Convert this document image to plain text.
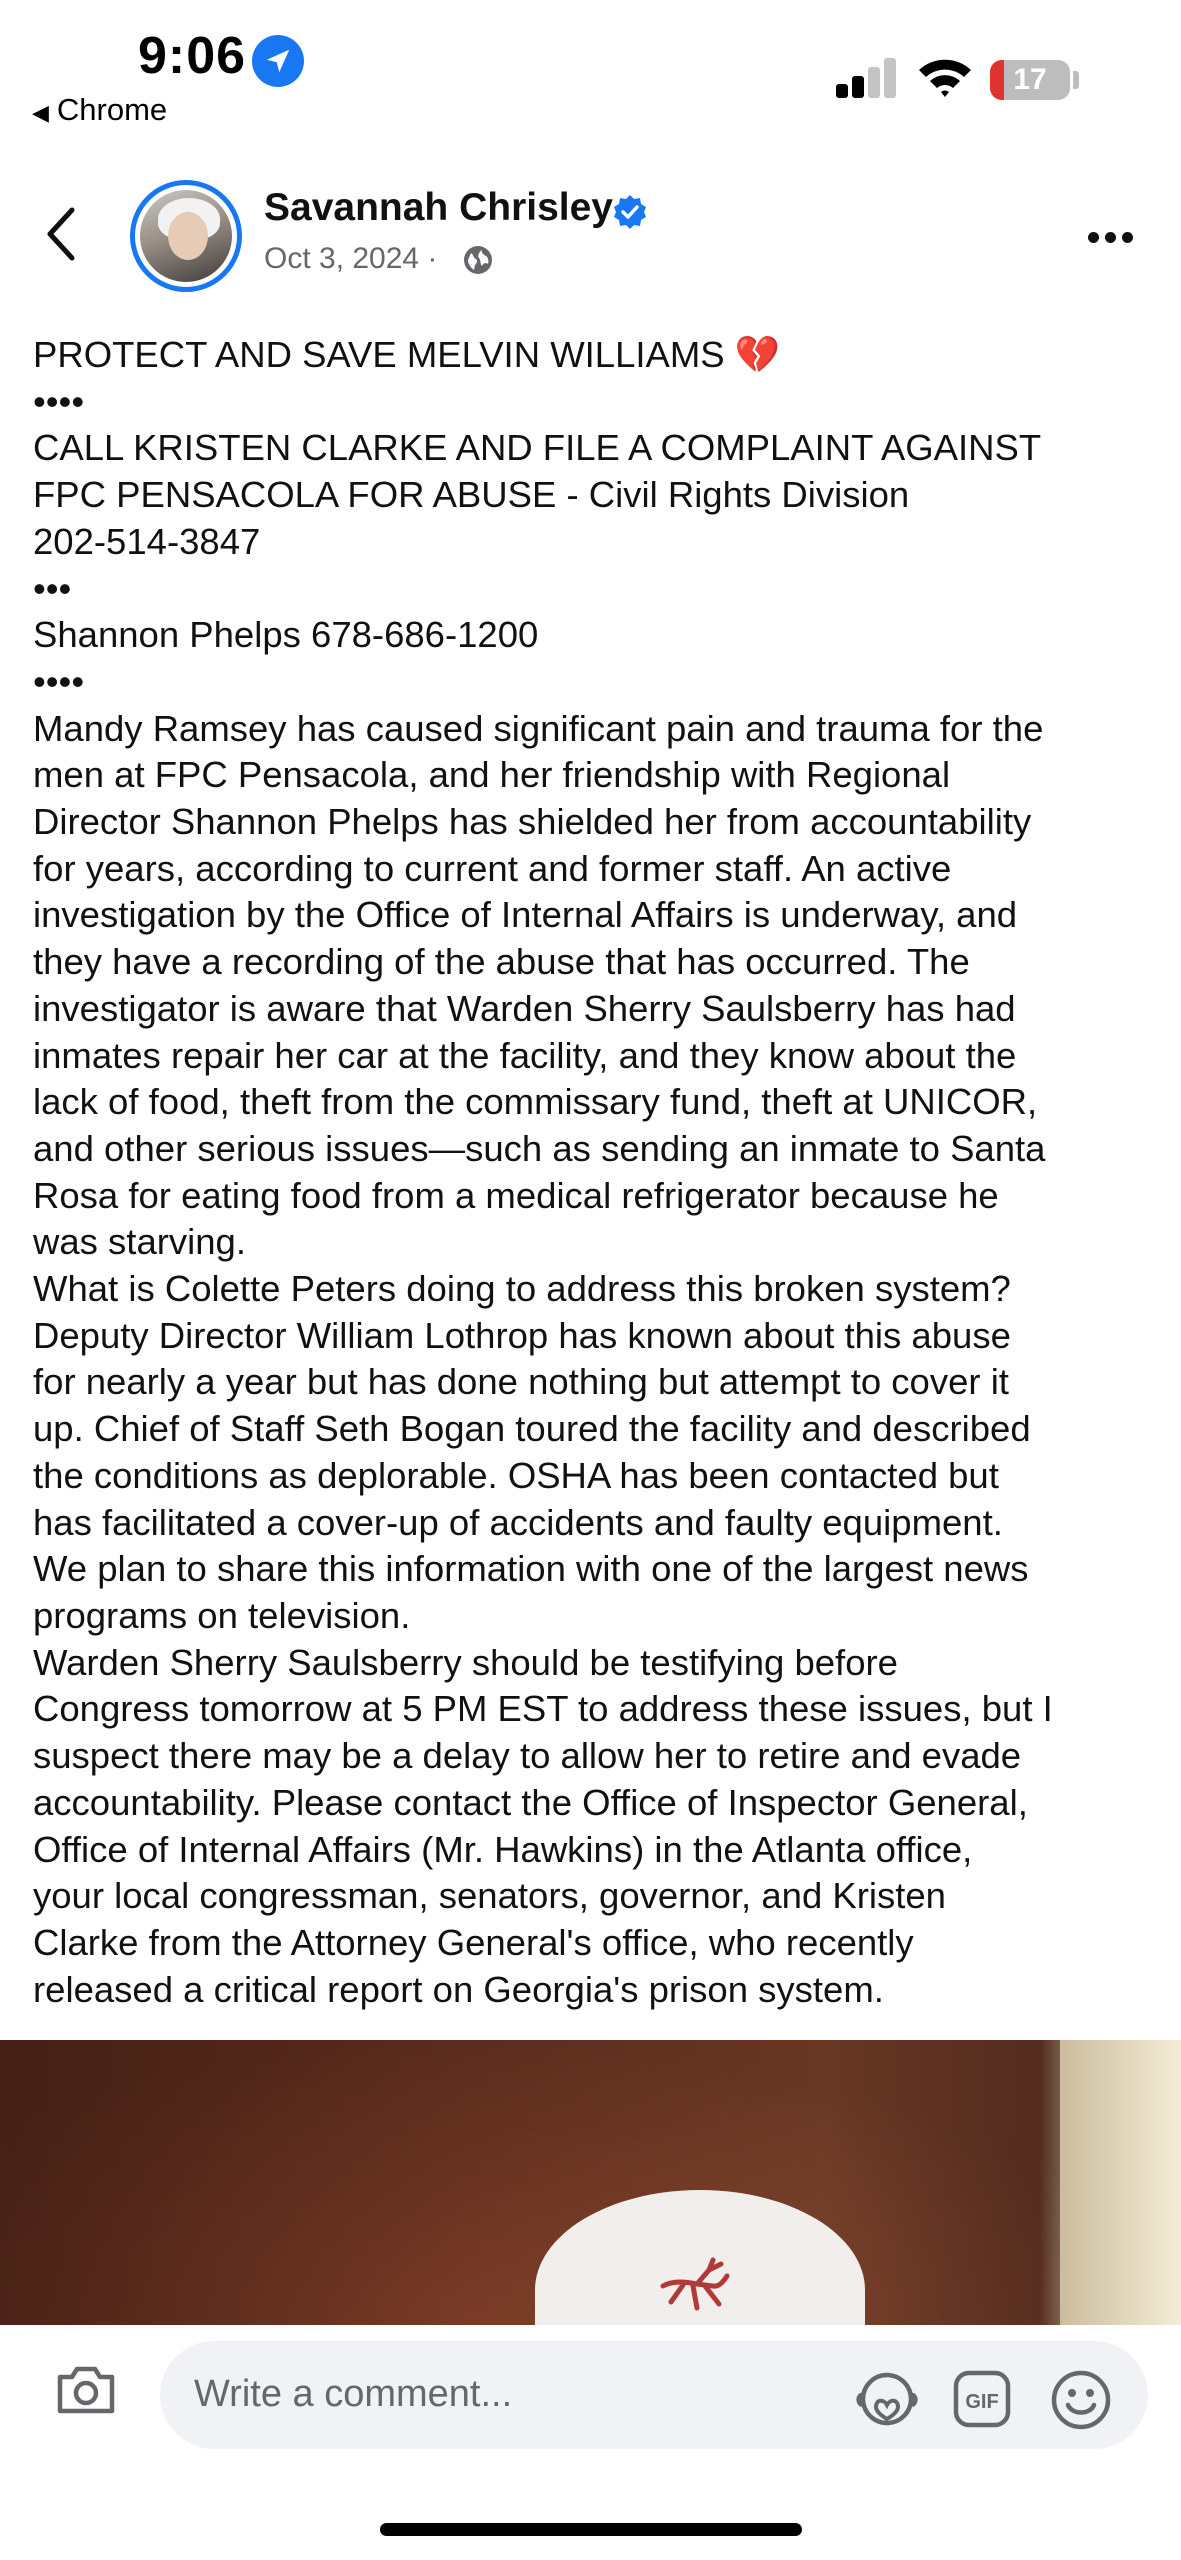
9:06
◀ Chrome
17
Savannah Chrisley
Oct 3, 2024 ·

PROTECT AND SAVE MELVIN WILLIAMS 💔

••••

CALL KRISTEN CLARKE AND FILE A COMPLAINT AGAINST

FPC PENSACOLA FOR ABUSE - Civil Rights Division

202-514-3847

•••

Shannon Phelps 678-686-1200

••••

Mandy Ramsey has caused significant pain and trauma for the

men at FPC Pensacola, and her friendship with Regional

Director Shannon Phelps has shielded her from accountability

for years, according to current and former staff. An active

investigation by the Office of Internal Affairs is underway, and

they have a recording of the abuse that has occurred. The

investigator is aware that Warden Sherry Saulsberry has had

inmates repair her car at the facility, and they know about the

lack of food, theft from the commissary fund, theft at UNICOR,

and other serious issues—such as sending an inmate to Santa

Rosa for eating food from a medical refrigerator because he

was starving.

What is Colette Peters doing to address this broken system?

Deputy Director William Lothrop has known about this abuse

for nearly a year but has done nothing but attempt to cover it

up. Chief of Staff Seth Bogan toured the facility and described

the conditions as deplorable. OSHA has been contacted but

has facilitated a cover-up of accidents and faulty equipment.

We plan to share this information with one of the largest news

programs on television.

Warden Sherry Saulsberry should be testifying before

Congress tomorrow at 5 PM EST to address these issues, but I

suspect there may be a delay to allow her to retire and evade

accountability. Please contact the Office of Inspector General,

Office of Internal Affairs (Mr. Hawkins) in the Atlanta office,

your local congressman, senators, governor, and Kristen

Clarke from the Attorney General's office, who recently

released a critical report on Georgia's prison system.

Write a comment...	GIF
